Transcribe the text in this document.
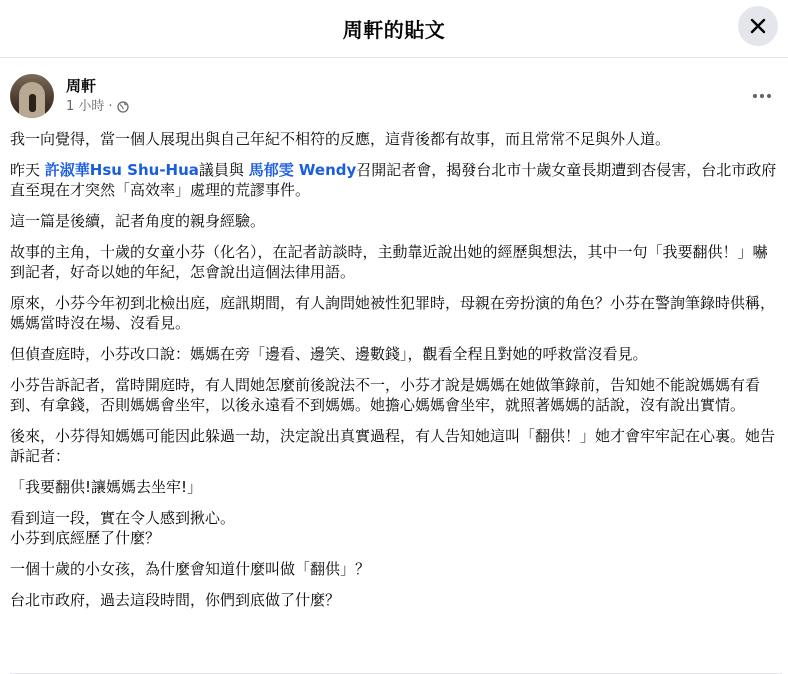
周軒的貼文
周軒
1 小時 ·

我一向覺得，當一個人展現出與自己年紀不相符的反應，這背後都有故事，而且常常不足與外人道。

昨天 許淑華Hsu Shu-Hua議員與 馬郁雯 Wendy召開記者會，揭發台北市十歲女童長期遭到杏侵害，台北市政府直至現在才突然「高效率」處理的荒謬事件。

這一篇是後續，記者角度的親身經驗。

故事的主角，十歲的女童小芬（化名），在記者訪談時，主動靠近說出她的經歷與想法，其中一句「我要翻供！」嚇到記者，好奇以她的年紀，怎會說出這個法律用語。

原來，小芬今年初到北檢出庭，庭訊期間，有人詢問她被性犯罪時，母親在旁扮演的角色？小芬在警詢筆錄時供稱，媽媽當時沒在場、沒看見。

但偵查庭時，小芬改口說：媽媽在旁「邊看、邊笑、邊數錢」，觀看全程且對她的呼救當沒看見。

小芬告訴記者，當時開庭時，有人問她怎麼前後說法不一，小芬才說是媽媽在她做筆錄前，告知她不能說媽媽有看到、有拿錢，否則媽媽會坐牢，以後永遠看不到媽媽。她擔心媽媽會坐牢，就照著媽媽的話說，沒有說出實情。

後來，小芬得知媽媽可能因此躲過一劫，決定說出真實過程，有人告知她這叫「翻供！」她才會牢牢記在心裏。她告訴記者：

「我要翻供!讓媽媽去坐牢!」

看到這一段，實在令人感到揪心。
小芬到底經歷了什麼？

一個十歲的小女孩，為什麼會知道什麼叫做「翻供」？

台北市政府，過去這段時間，你們到底做了什麼？
